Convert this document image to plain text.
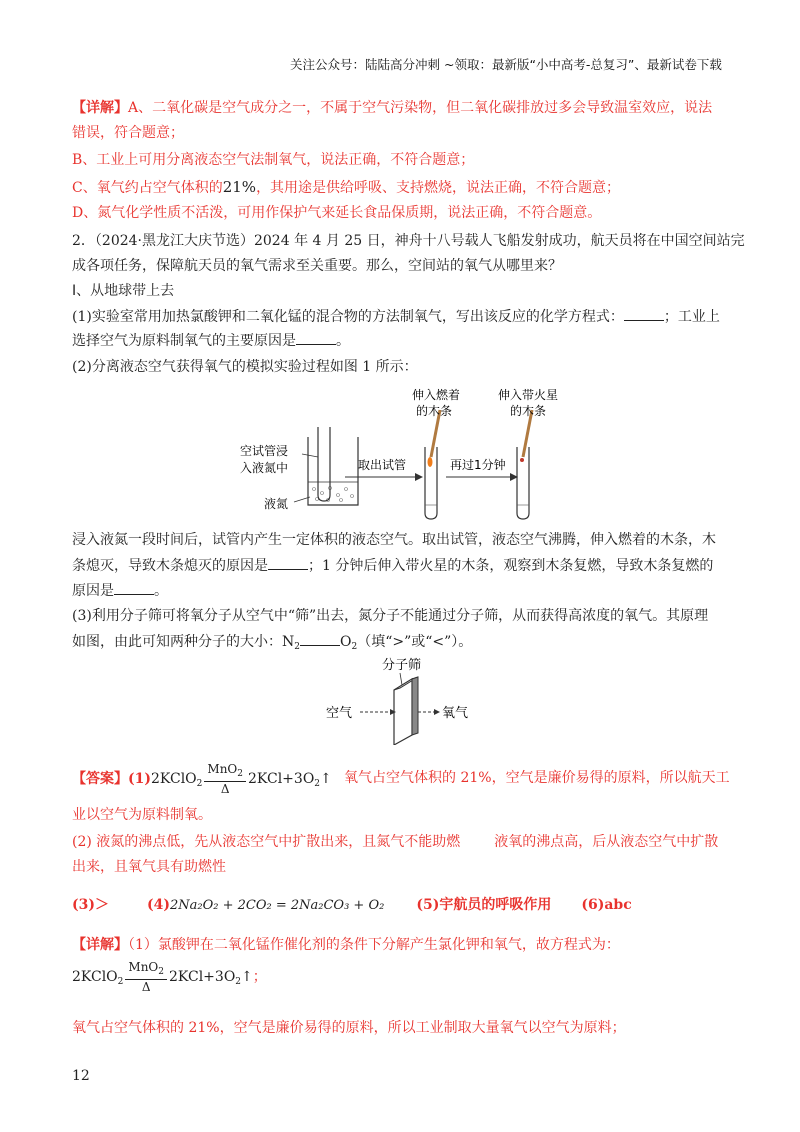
关注公众号：陆陆高分冲刺 ~领取：最新版“小中高考-总复习”、最新试卷下载
【详解】A、二氧化碳是空气成分之一，不属于空气污染物，但二氧化碳排放过多会导致温室效应，说法
错误，符合题意；
B、工业上可用分离液态空气法制氧气，说法正确，不符合题意；
C、氧气约占空气体积的21%，其用途是供给呼吸、支持燃烧，说法正确，不符合题意；
D、氮气化学性质不活泼，可用作保护气来延长食品保质期，说法正确，不符合题意。
2．（2024·黑龙江大庆节选）2024 年 4 月 25 日，神舟十八号载人飞船发射成功，航天员将在中国空间站完
成各项任务，保障航天员的氧气需求至关重要。那么，空间站的氧气从哪里来？
Ⅰ、从地球带上去
(1)实验室常用加热氯酸钾和二氧化锰的混合物的方法制氧气，写出该反应的化学方程式：	；工业上
选择空气为原料制氧气的主要原因是	。
(2)分离液态空气获得氧气的模拟实验过程如图 1 所示：
空试管浸
入液氮中
液氮
取出试管
伸入燃着
的木条
再过1分钟
伸入带火星
的木条
浸入液氮一段时间后，试管内产生一定体积的液态空气。取出试管，液态空气沸腾，伸入燃着的木条，木
条熄灭，导致木条熄灭的原因是	；1 分钟后伸入带火星的木条，观察到木条复燃，导致木条复燃的
原因是	。
(3)利用分子筛可将氧分子从空气中“筛”出去，氮分子不能通过分子筛，从而获得高浓度的氧气。其原理
如图，由此可知两种分子的大小：$N_2$	$O_2$（填“>”或“<”）。
分子筛
空气	氧气
【答案】(1)2KClO$_2$ $\frac{MnO_2}{\Delta}$ $2KCl+3O_2↑$ 氧气占空气体积的 21%，空气是廉价易得的原料，所以航天工
业以空气为原料制氧。
(2) 液氮的沸点低，先从液态空气中扩散出来，且氮气不能助燃 液氧的沸点高，后从液态空气中扩散
出来，且氧气具有助燃性
(3)＞	(4)2Na₂O₂ + 2CO₂ = 2Na₂CO₃ + O₂ (5)宇航员的呼吸作用 (6)abc
【详解】（1）氯酸钾在二氧化锰作催化剂的条件下分解产生氯化钾和氧气，故方程式为：
2KClO$_2$ $\frac{MnO_2}{\Delta}$ $2KCl+3O_2↑$；
氧气占空气体积的 21%，空气是廉价易得的原料，所以工业制取大量氧气以空气为原料；
12
